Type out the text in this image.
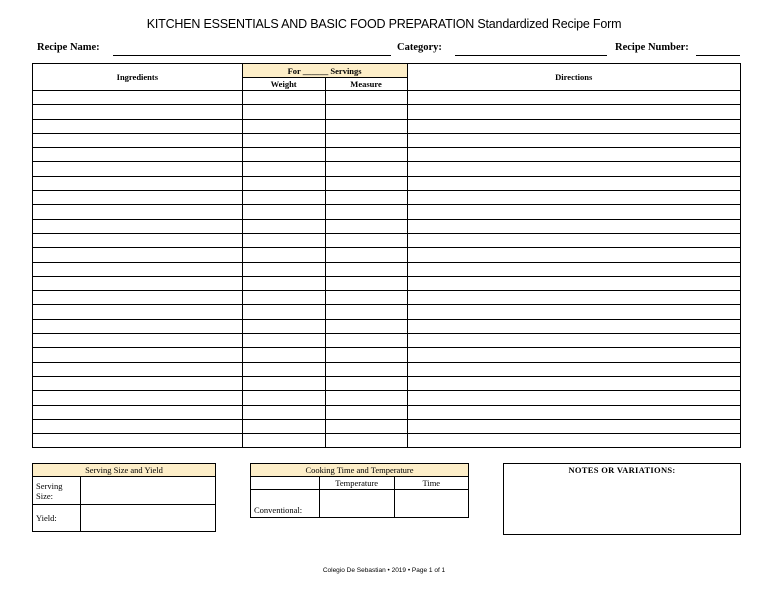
KITCHEN ESSENTIALS AND BASIC FOOD PREPARATION Standardized Recipe Form
Recipe Name:	Category:	Recipe Number:
Ingredients	For ______ Servings		Directions
	Weight	Measure	

Serving Size and Yield	
Serving Size:	
Yield:	
Cooking Time and Temperature		
	Temperature	Time
Conventional:		
NOTES OR VARIATIONS:
Colegio De Sebastian • 2019 • Page 1 of 1
